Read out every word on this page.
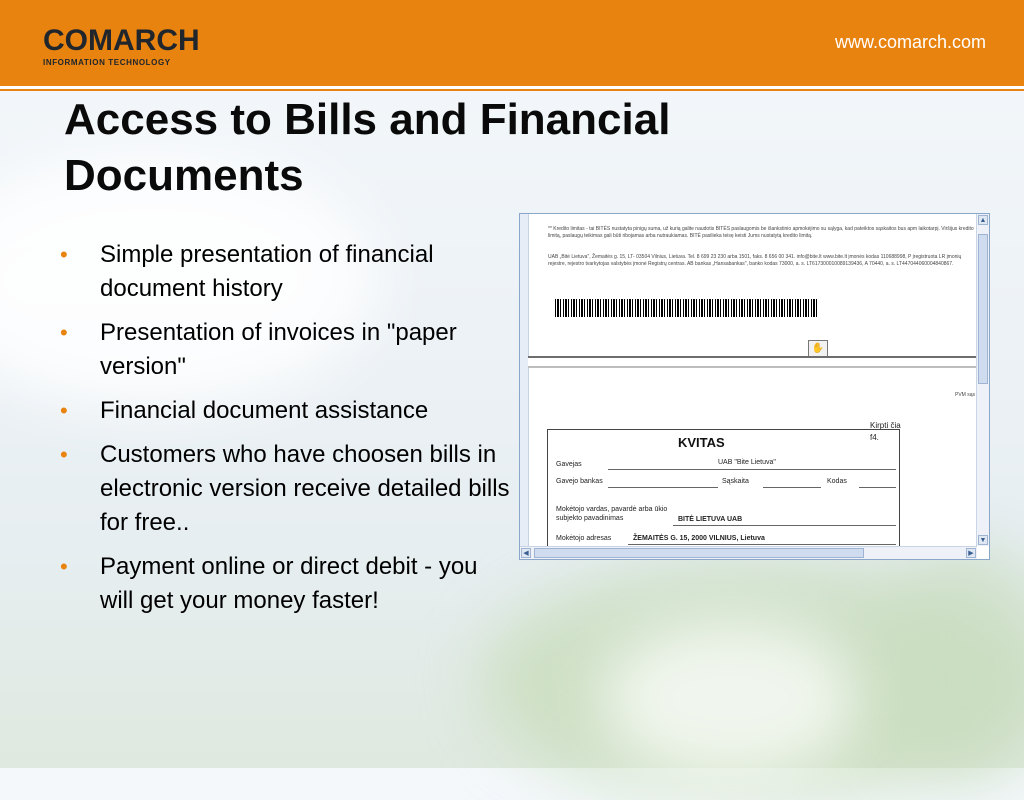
COMARCH
INFORMATION TECHNOLOGY
www.comarch.com
Access to Bills and Financial Documents
• Simple presentation of financial document history
• Presentation of invoices in "paper version"
• Financial document assistance
• Customers who have choosen bills in electronic version receive detailed bills for free..
• Payment online or direct debit - you will get your money faster!
** Kredito limitas - tai BITĖS nustatyta pinigų suma, už kurią galite naudotis BITĖS paslaugomis be išankstinio apmokėjimo su sąlyga, kad pateiktos sąskaitos bus apm laikotarpį. Viršijus kredito limitą, paslaugų teikimas gali būti ribojamas arba nutraukiamas. BITĖ pasilieka teisę keisti Jums nustatytą kredito limitą.
UAB „Bitė Lietuva", Žemaitės g. 15, LT- 03504 Vilnius, Lietuva. Tel. 8 699 23 230 arba 1501, faks. 8 656 00 341. info@bite.lt www.bite.lt įmonės kodas 110688998, P įregistruota LR įmonių rejestre, rejestro tvarkytojas valstybės įmonė Registrų centras. AB bankas „Hansabankas", banko kodas 73000, a. s. LT617300010089139436, A 70440, a. s. LT447044060004840867.
✋
PVM sąs
Kirpti čia
f4.
KVITAS
Gavejas	UAB "Bite Lietuva"
Gavejo bankas	Sąskaita	Kodas
Mokėtojo vardas, pavardė arba ūkio subjekto pavadinimas	BITĖ LIETUVA UAB
Mokėtojo adresas	ŽEMAITĖS G. 15, 2000 VILNIUS, Lietuva
▲
▼
◀	▶
